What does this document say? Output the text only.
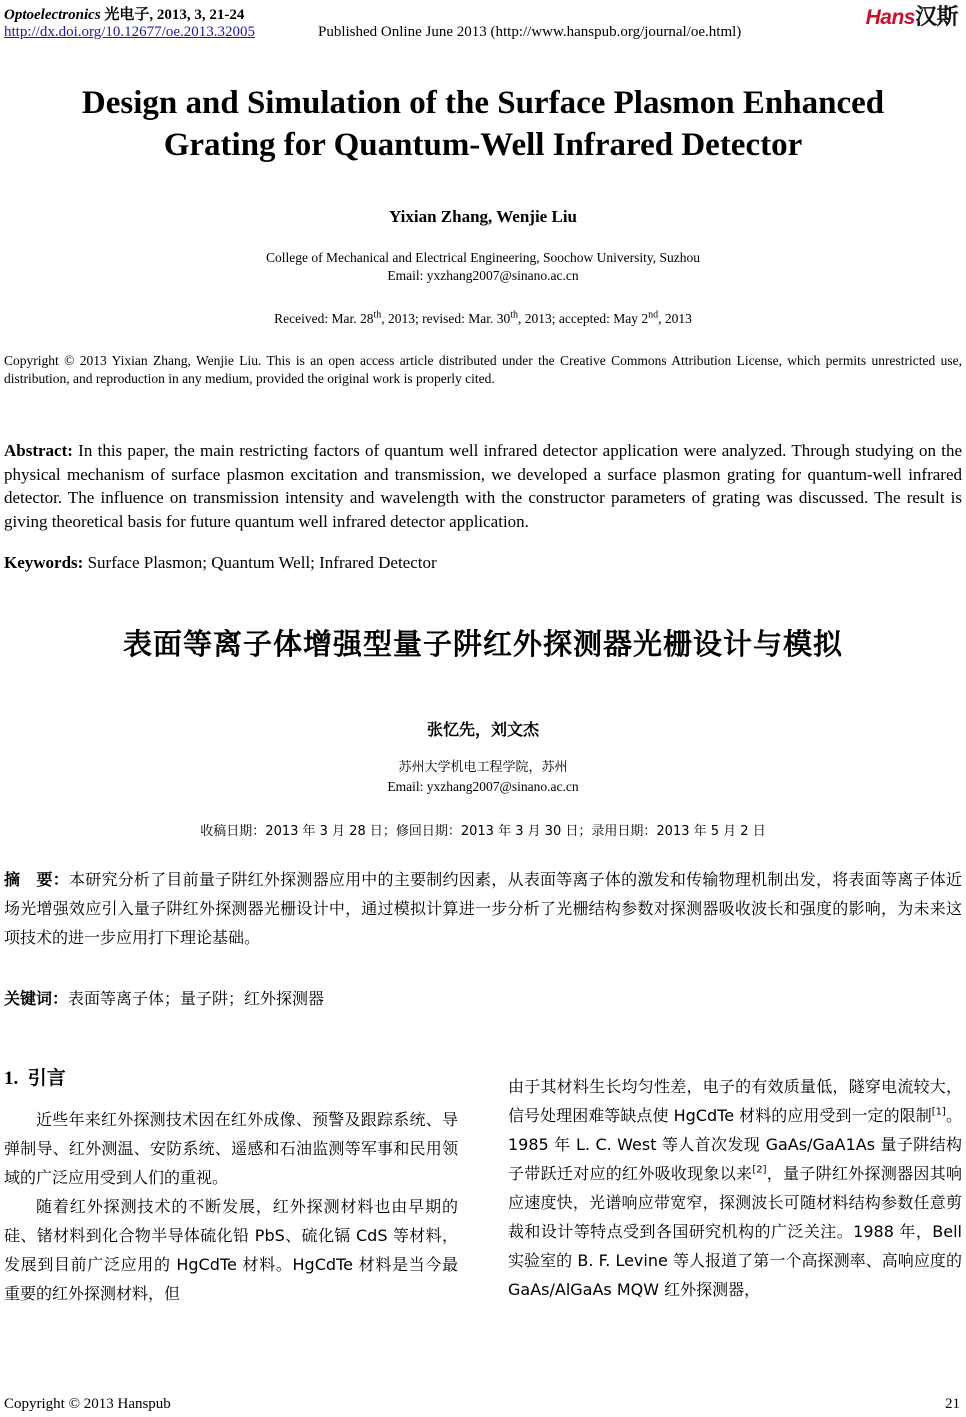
Optoelectronics 光电子, 2013, 3, 21-24
http://dx.doi.org/10.12677/oe.2013.32005	Published Online June 2013 (http://www.hanspub.org/journal/oe.html)
Hans汉斯
Design and Simulation of the Surface Plasmon Enhanced
Grating for Quantum-Well Infrared Detector
Yixian Zhang, Wenjie Liu
College of Mechanical and Electrical Engineering, Soochow University, Suzhou
Email: yxzhang2007@sinano.ac.cn
Received: Mar. 28th, 2013; revised: Mar. 30th, 2013; accepted: May 2nd, 2013
Copyright © 2013 Yixian Zhang, Wenjie Liu. This is an open access article distributed under the Creative Commons Attribution License, which permits unrestricted use, distribution, and reproduction in any medium, provided the original work is properly cited.
Abstract: In this paper, the main restricting factors of quantum well infrared detector application were analyzed. Through studying on the physical mechanism of surface plasmon excitation and transmission, we developed a surface plasmon grating for quantum-well infrared detector. The influence on transmission intensity and wavelength with the constructor parameters of grating was discussed. The result is giving theoretical basis for future quantum well infrared detector application.
Keywords: Surface Plasmon; Quantum Well; Infrared Detector
表面等离子体增强型量子阱红外探测器光栅设计与模拟
张忆先，刘文杰
苏州大学机电工程学院，苏州
Email: yxzhang2007@sinano.ac.cn
收稿日期：2013 年 3 月 28 日；修回日期：2013 年 3 月 30 日；录用日期：2013 年 5 月 2 日
摘　要：本研究分析了目前量子阱红外探测器应用中的主要制约因素，从表面等离子体的激发和传输物理机制出发，将表面等离子体近场光增强效应引入量子阱红外探测器光栅设计中，通过模拟计算进一步分析了光栅结构参数对探测器吸收波长和强度的影响，为未来这项技术的进一步应用打下理论基础。
关键词：表面等离子体；量子阱；红外探测器
1. 引言

近些年来红外探测技术因在红外成像、预警及跟踪系统、导弹制导、红外测温、安防系统、遥感和石油监测等军事和民用领域的广泛应用受到人们的重视。

随着红外探测技术的不断发展，红外探测材料也由早期的硅、锗材料到化合物半导体硫化铅 PbS、硫化镉 CdS 等材料，发展到目前广泛应用的 HgCdTe 材料。HgCdTe 材料是当今最重要的红外探测材料，但

由于其材料生长均匀性差，电子的有效质量低，隧穿电流较大，信号处理困难等缺点使 HgCdTe 材料的应用受到一定的限制[1]。1985 年 L. C. West 等人首次发现 GaAs/GaA1As 量子阱结构子带跃迁对应的红外吸收现象以来[2]，量子阱红外探测器因其响应速度快，光谱响应带宽窄，探测波长可随材料结构参数任意剪裁和设计等特点受到各国研究机构的广泛关注。1988 年，Bell 实验室的 B. F. Levine 等人报道了第一个高探测率、高响应度的 GaAs/AlGaAs MQW 红外探测器，

Copyright © 2013 Hanspub	21
